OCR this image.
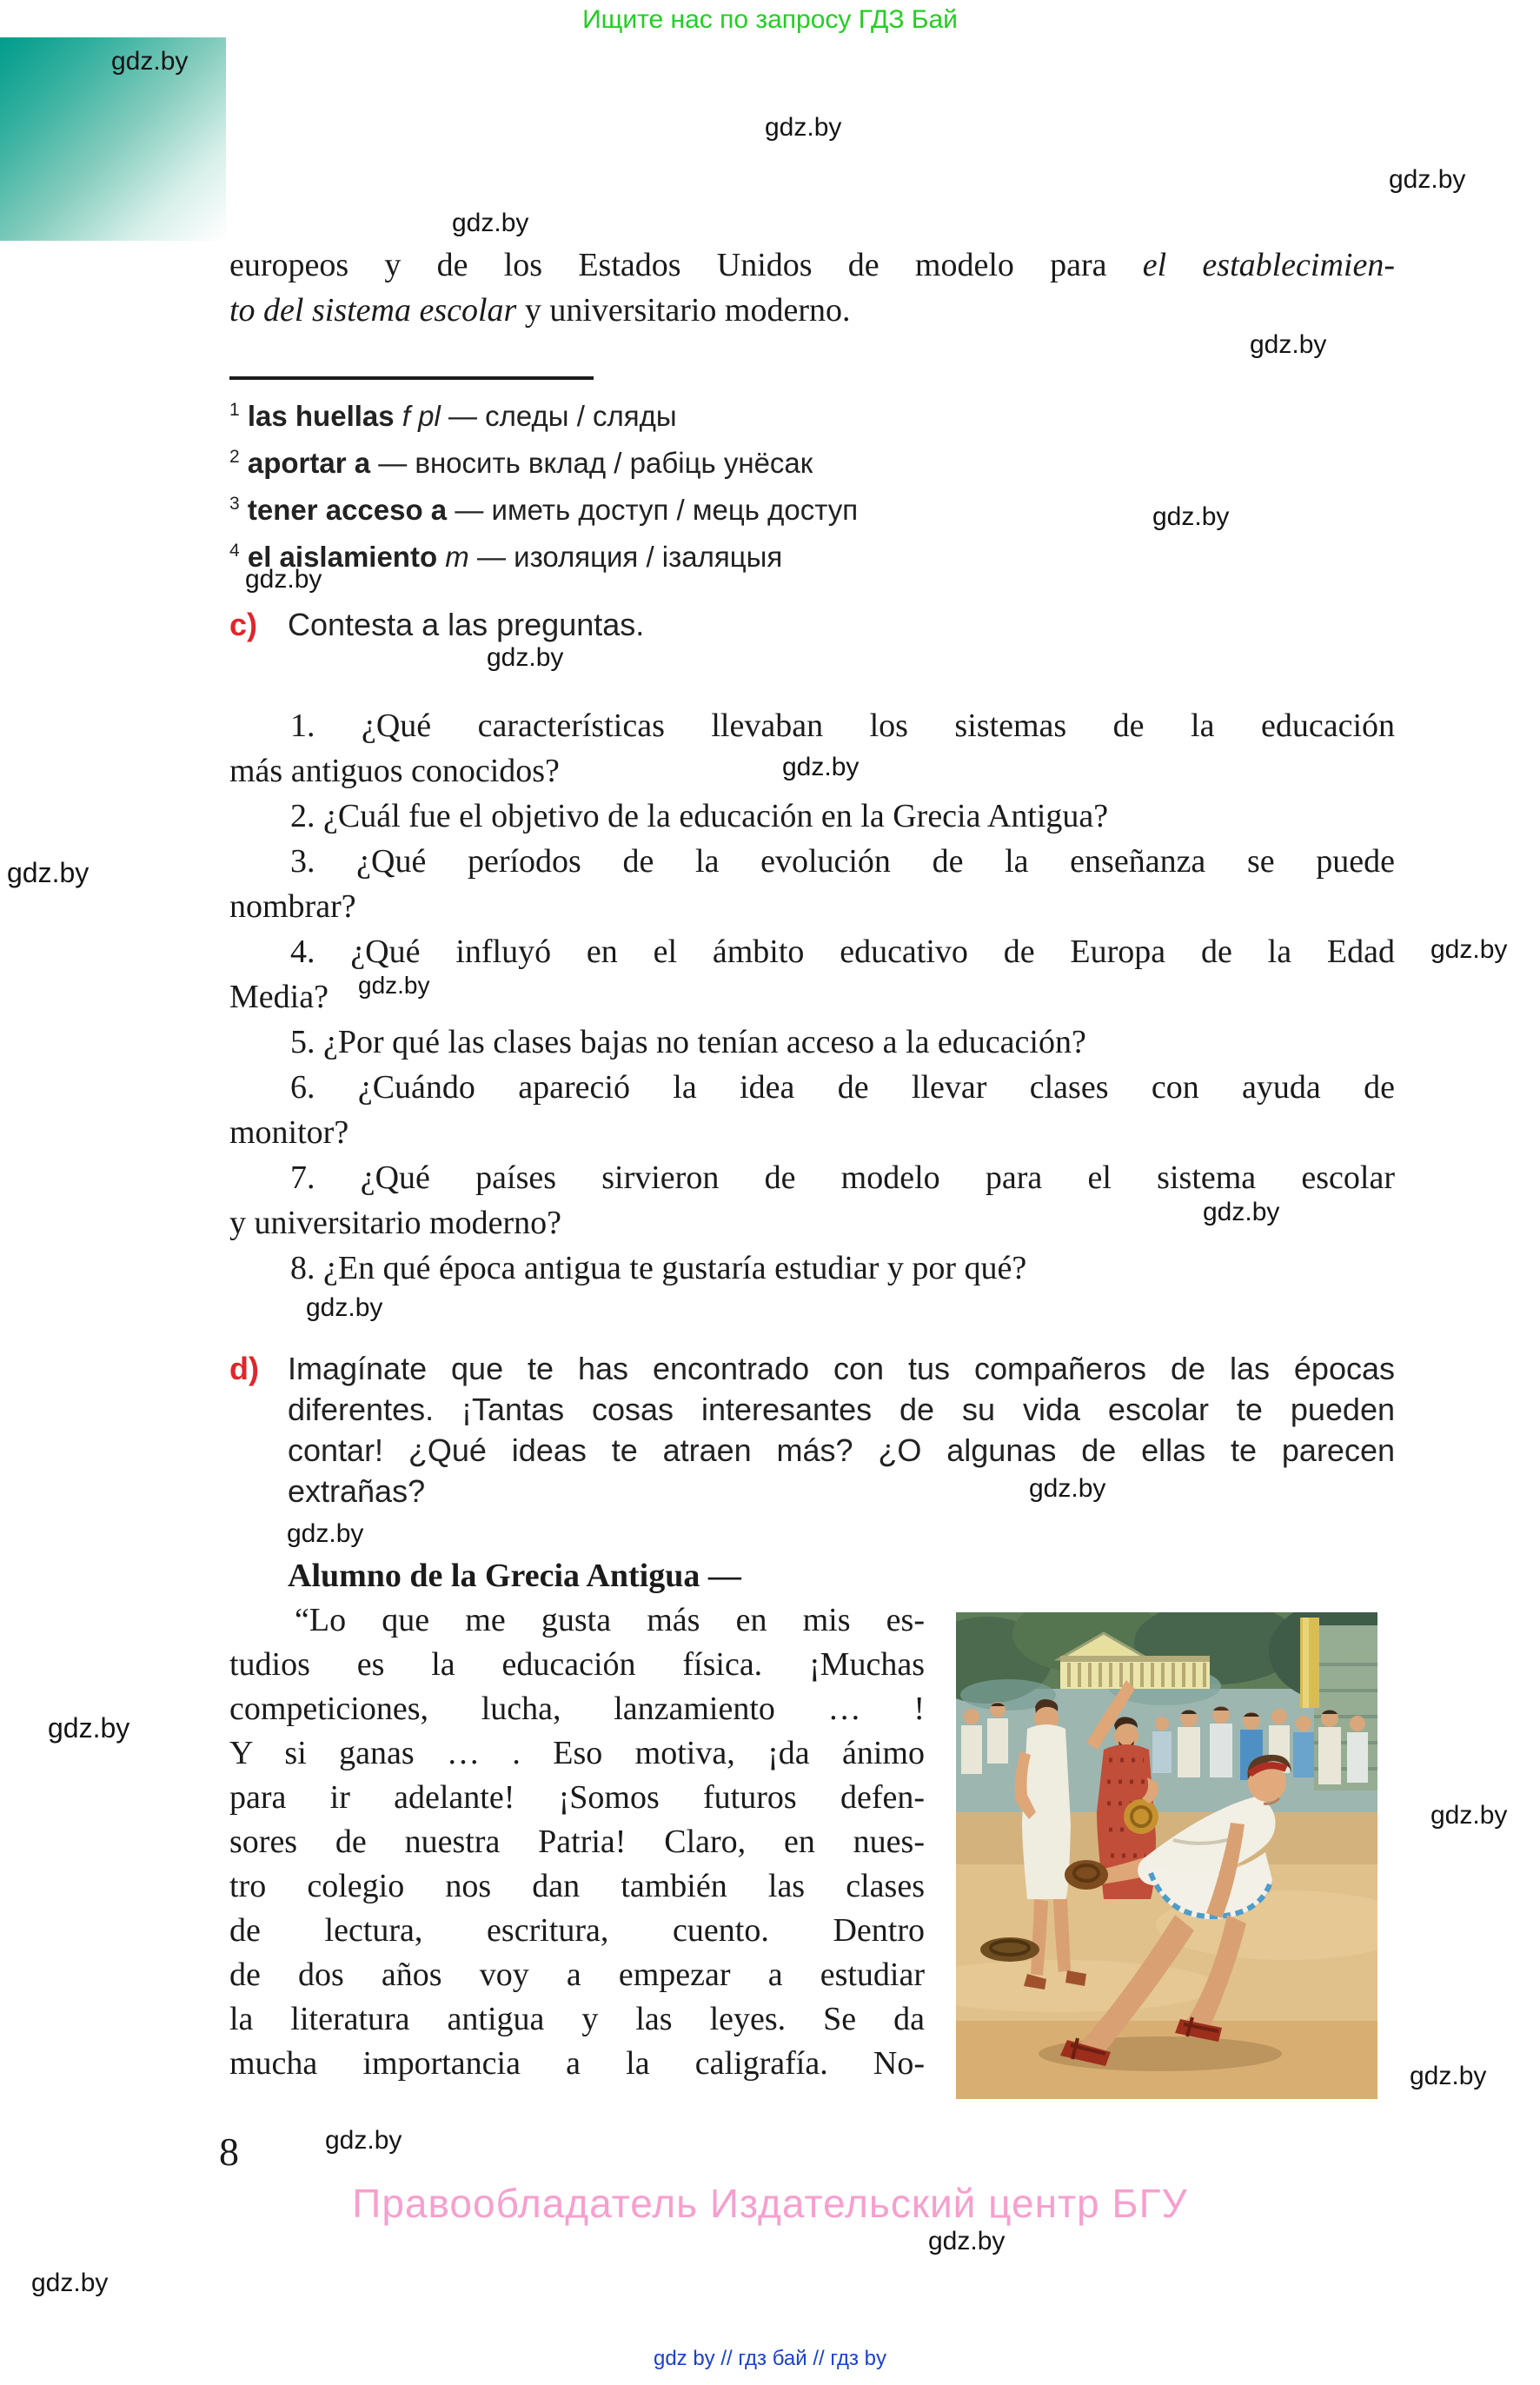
Ищите нас по запросу ГДЗ Бай
gdz.by
gdz.by
gdz.by
gdz.by
gdz.by
gdz.by
gdz.by
gdz.by
gdz.by
gdz.by
gdz.by
gdz.by
gdz.by
gdz.by
gdz.by
gdz.by
gdz.by
gdz.by
gdz.by
gdz.by
gdz.by
gdz.by
europeos y de los Estados Unidos de modelo para el establecimien-
to del sistema escolar y universitario moderno.
$^1$ las huellas f pl — следы / сляды
$^2$ aportar a — вносить вклад / рабіць унёсак
$^3$ tener acceso a — иметь доступ / мець доступ
$^4$ el aislamiento m — изоляция / ізаляцыя
c) Contesta a las preguntas.
1. ¿Qué características llevaban los sistemas de la educación
más antiguos conocidos?
2. ¿Cuál fue el objetivo de la educación en la Grecia Antigua?
3. ¿Qué períodos de la evolución de la enseñanza se puede
nombrar?
4. ¿Qué influyó en el ámbito educativo de Europa de la Edad
Media?
5. ¿Por qué las clases bajas no tenían acceso a la educación?
6. ¿Cuándo apareció la idea de llevar clases con ayuda de
monitor?
7. ¿Qué países sirvieron de modelo para el sistema escolar
y universitario moderno?
8. ¿En qué época antigua te gustaría estudiar y por qué?
d) Imagínate que te has encontrado con tus compañeros de las épocas
diferentes. ¡Tantas cosas interesantes de su vida escolar te pueden
contar! ¿Qué ideas te atraen más? ¿O algunas de ellas te parecen
extrañas?
Alumno de la Grecia Antigua —
“Lo que me gusta más en mis es-
tudios es la educación física. ¡Muchas
competiciones, lucha, lanzamiento … !
Y si ganas … . Eso motiva, ¡da ánimo
para ir adelante! ¡Somos futuros defen-
sores de nuestra Patria! Claro, en nues-
tro colegio nos dan también las clases
de lectura, escritura, cuento. Dentro
de dos años voy a empezar a estudiar
la literatura antigua y las leyes. Se da
mucha importancia a la caligrafía. No-
8
Правообладатель Издательский центр БГУ
gdz by // гдз бай // гдз by
